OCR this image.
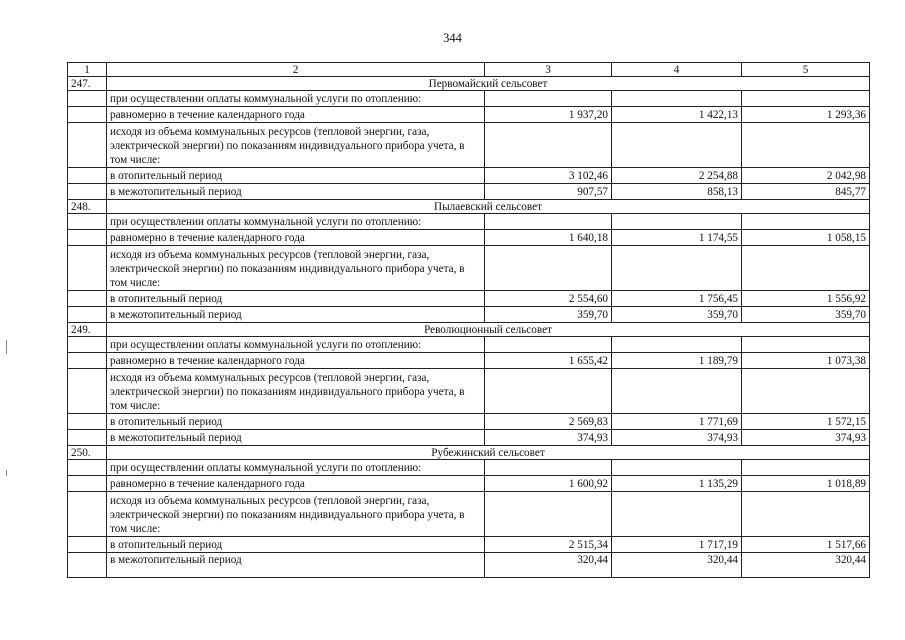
344
1	2	3	4	5
247.	Первомайский сельсовет			
	при осуществлении оплаты коммунальной услуги по отоплению:			
	равномерно в течение календарного года	1 937,20	1 422,13	1 293,36
	исходя из объема коммунальных ресурсов (тепловой энергии, газа, электрической энергии) по показаниям индивидуального прибора учета, в том числе:			
	в отопительный период	3 102,46	2 254,88	2 042,98
	в межотопительный период	907,57	858,13	845,77
248.	Пылаевский сельсовет			
	при осуществлении оплаты коммунальной услуги по отоплению:			
	равномерно в течение календарного года	1 640,18	1 174,55	1 058,15
	исходя из объема коммунальных ресурсов (тепловой энергии, газа, электрической энергии) по показаниям индивидуального прибора учета, в том числе:			
	в отопительный период	2 554,60	1 756,45	1 556,92
	в межотопительный период	359,70	359,70	359,70
249.	Революционный сельсовет			
	при осуществлении оплаты коммунальной услуги по отоплению:			
	равномерно в течение календарного года	1 655,42	1 189,79	1 073,38
	исходя из объема коммунальных ресурсов (тепловой энергии, газа, электрической энергии) по показаниям индивидуального прибора учета, в том числе:			
	в отопительный период	2 569,83	1 771,69	1 572,15
	в межотопительный период	374,93	374,93	374,93
250.	Рубежинский сельсовет			
	при осуществлении оплаты коммунальной услуги по отоплению:			
	равномерно в течение календарного года	1 600,92	1 135,29	1 018,89
	исходя из объема коммунальных ресурсов (тепловой энергии, газа, электрической энергии) по показаниям индивидуального прибора учета, в том числе:			
	в отопительный период	2 515,34	1 717,19	1 517,66
	в межотопительный период	320,44	320,44	320,44
